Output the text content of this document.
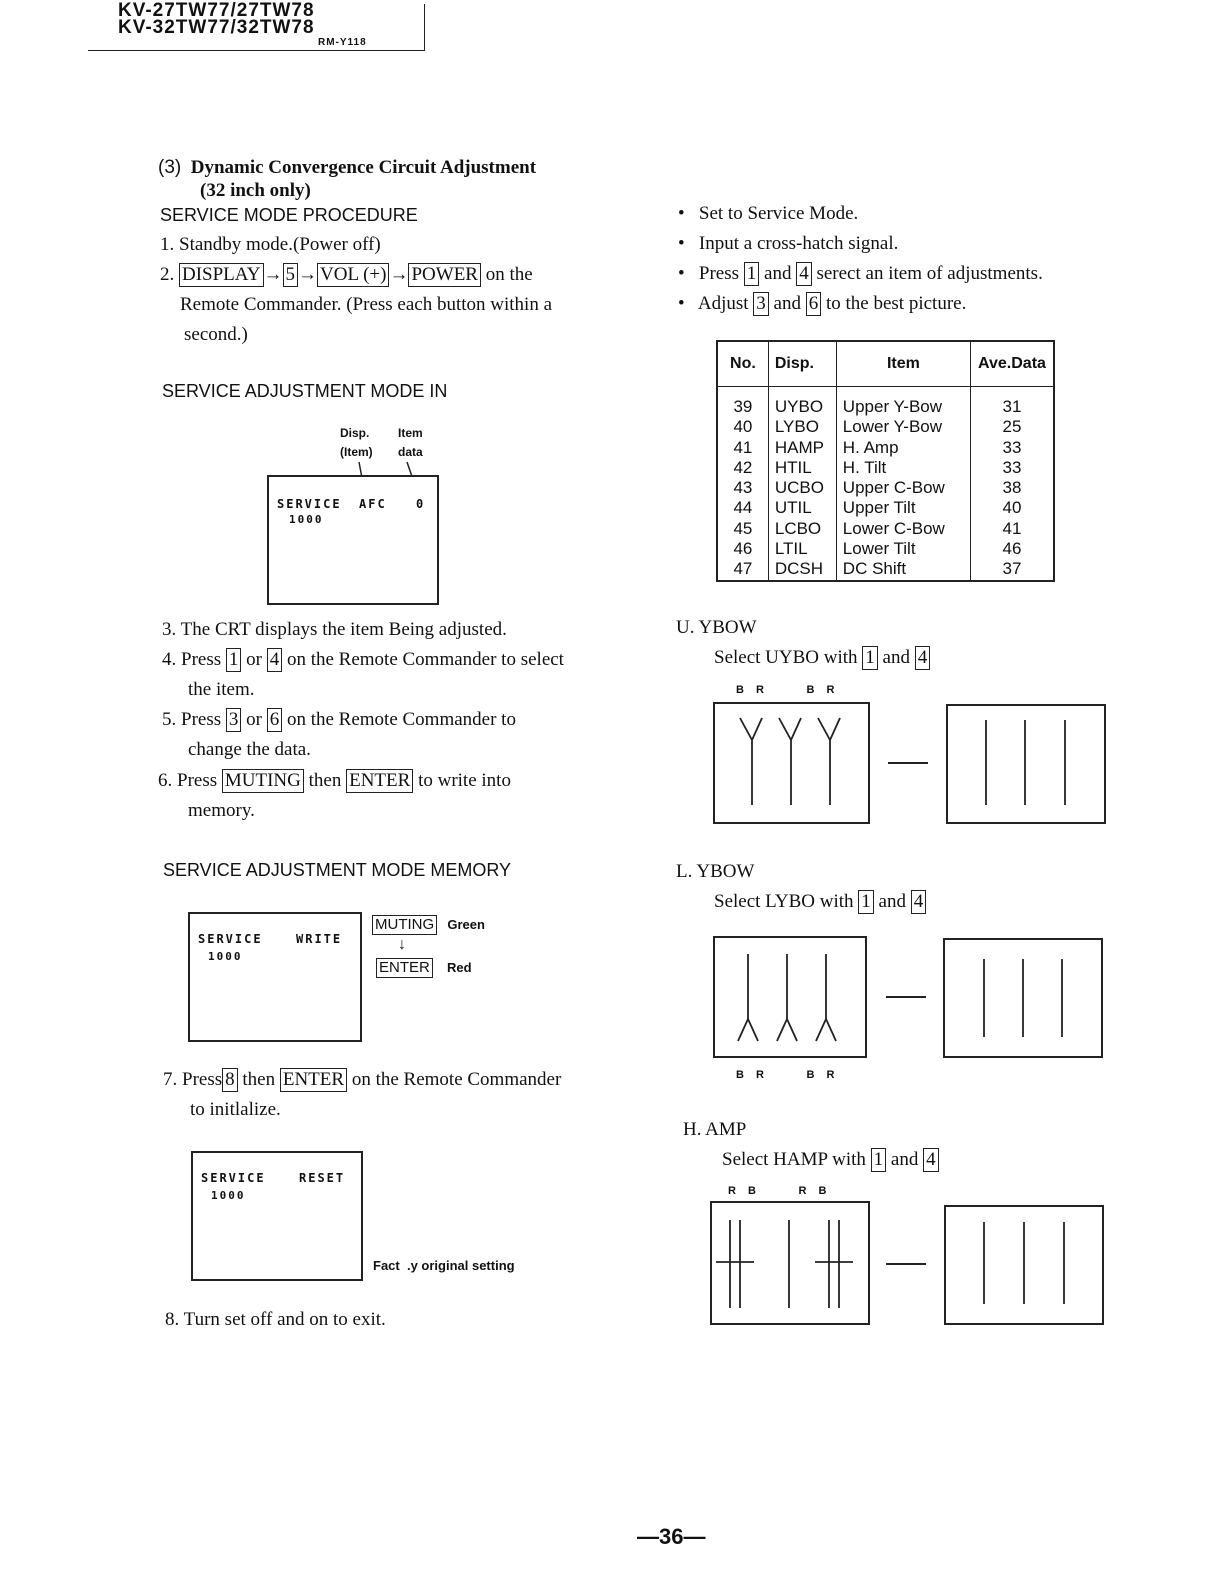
KV-27TW77/27TW78
KV-32TW77/32TW78
RM-Y118
(3) Dynamic Convergence Circuit Adjustment
(32 inch only)
SERVICE MODE PROCEDURE
1. Standby mode.(Power off)
2. DISPLAY → 5 → VOL (+) → POWER on the
Remote Commander. (Press each button within a
second.)
SERVICE ADJUSTMENT MODE IN
Disp.
(Item)
Item
data
SERVICE AFC 0
1000
3. The CRT displays the item Being adjusted.
4. Press 1 or 4 on the Remote Commander to select
the item.
5. Press 3 or 6 on the Remote Commander to
change the data.
6. Press MUTING then ENTER to write into
memory.
SERVICE ADJUSTMENT MODE MEMORY
SERVICE	WRITE
1000
MUTING Green
↓
ENTER Red
7. Press 8 then ENTER on the Remote Commander
to initlalize.
SERVICE	RESET
1000
Fact  .y original setting
8. Turn set off and on to exit.
• Set to Service Mode.
• Input a cross-hatch signal.
• Press 1 and 4 serect an item of adjustments.
• Adjust 3 and 6 to the best picture.
No.	Disp.	Item	Ave.Data
39	UYBO	Upper Y-Bow	31
40	LYBO	Lower Y-Bow	25
41	HAMP	H. Amp	33
42	HTIL	H. Tilt	33
43	UCBO	Upper C-Bow	38
44	UTIL	Upper Tilt	40
45	LCBO	Lower C-Bow	41
46	LTIL	Lower Tilt	46
47	DCSH	DC Shift	37
U. YBOW
Select UYBO with 1 and 4
B  R        B  R
L. YBOW
Select LYBO with 1 and 4
B  R        B  R
H. AMP
Select HAMP with 1 and 4
R  B        R  B
—36—
